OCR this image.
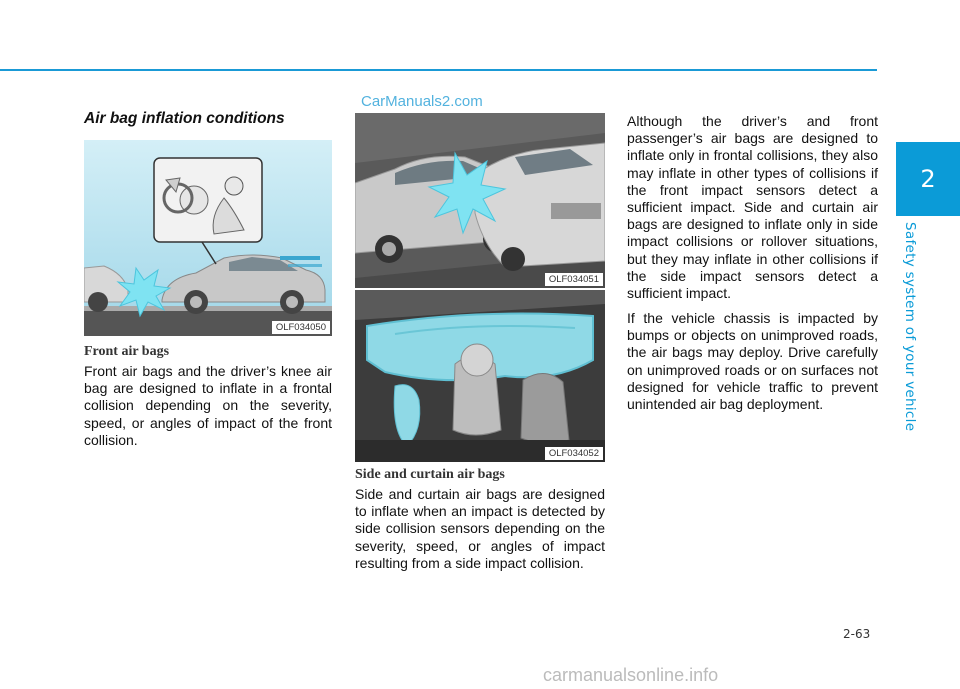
2
Safety system of your vehicle
CarManuals2.com
Air bag inflation conditions
OLF034050
Front air bags

Front air bags and the driver’s knee air bag are designed to inflate in a frontal collision depending on the severity, speed, or angles of impact of the front collision.

OLF034051
OLF034052
Side and curtain air bags

Side and curtain air bags are designed to inflate when an impact is detected by side collision sensors depending on the severity, speed, or angles of impact resulting from a side impact collision.

Although the driver’s and front passenger’s air bags are designed to inflate only in frontal collisions, they also may inflate in other types of collisions if the front impact sensors detect a sufficient impact. Side and curtain air bags are designed to inflate only in side impact collisions or rollover situations, but they may inflate in other collisions if the side impact sensors detect a sufficient impact.

If the vehicle chassis is impacted by bumps or objects on unimproved roads, the air bags may deploy. Drive carefully on unimproved roads or on surfaces not designed for vehicle traffic to prevent unintended air bag deployment.

2-63
carmanualsonline.info
